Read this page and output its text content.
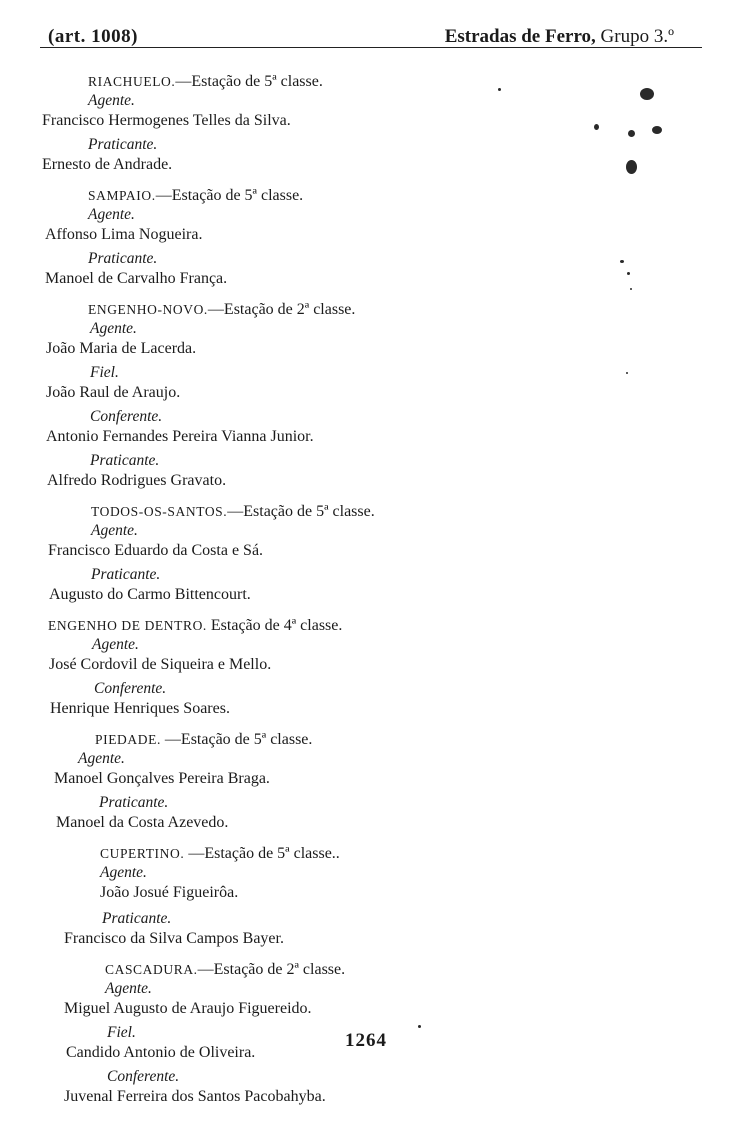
(art. 1008)	Estradas de Ferro, Grupo 3.º
RIACHUELO.—Estação de 5ª classe.
Agente.
Francisco Hermogenes Telles da Silva.
Praticante.
Ernesto de Andrade.
SAMPAIO.—Estação de 5ª classe.
Agente.
Affonso Lima Nogueira.
Praticante.
Manoel de Carvalho França.
ENGENHO-NOVO.—Estação de 2ª classe.
Agente.
João Maria de Lacerda.
Fiel.
João Raul de Araujo.
Conferente.
Antonio Fernandes Pereira Vianna Junior.
Praticante.
Alfredo Rodrigues Gravato.
TODOS-OS-SANTOS.—Estação de 5ª classe.
Agente.
Francisco Eduardo da Costa e Sá.
Praticante.
Augusto do Carmo Bittencourt.
ENGENHO DE DENTRO. Estação de 4ª classe.
Agente.
José Cordovil de Siqueira e Mello.
Conferente.
Henrique Henriques Soares.
PIEDADE. —Estação de 5ª classe.
Agente.
Manoel Gonçalves Pereira Braga.
Praticante.
Manoel da Costa Azevedo.
CUPERTINO. —Estação de 5ª classe..
Agente.
João Josué Figueirôa.
Praticante.
Francisco da Silva Campos Bayer.
CASCADURA.—Estação de 2ª classe.
Agente.
Miguel Augusto de Araujo Figuereido.
Fiel.
Candido Antonio de Oliveira.
Conferente.
Juvenal Ferreira dos Santos Pacobahyba.
1264
